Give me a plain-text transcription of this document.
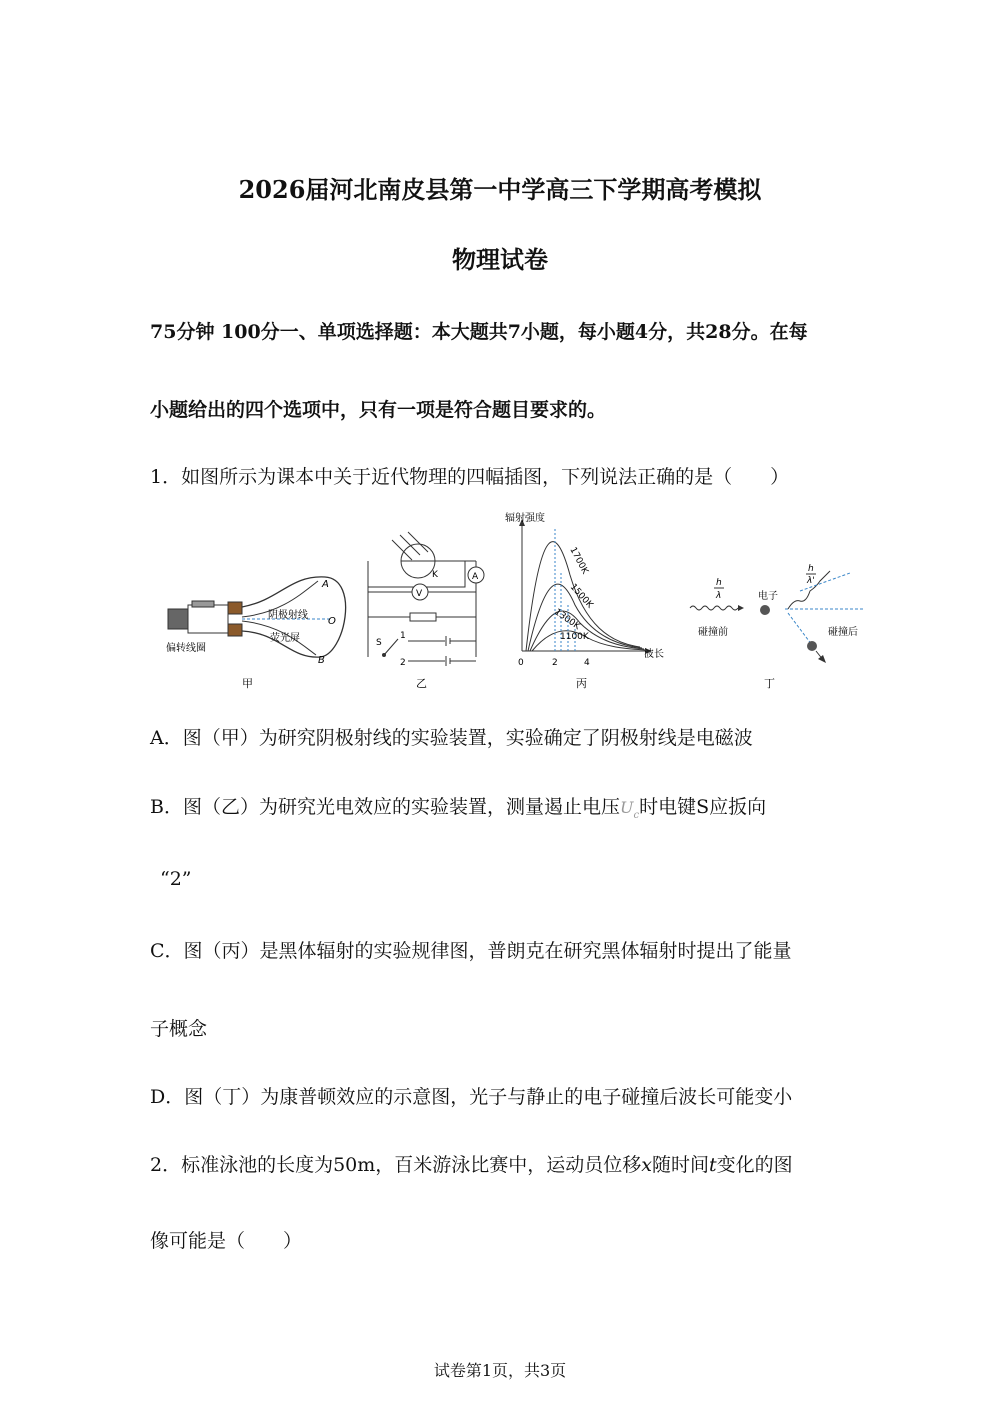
2026届河北南皮县第一中学高三下学期高考模拟
物理试卷
75分钟 100分一、单项选择题：本大题共7小题，每小题4分，共28分。在每
小题给出的四个选项中，只有一项是符合题目要求的。
1．如图所示为课本中关于近代物理的四幅插图，下列说法正确的是（　　）
A
O
B
阴极射线
荧光屏
偏转线圈
甲
K	A
V
S
1
2
乙
辐射强度
波长
0	2	4
1700K
1500K
1300K
1100K
丙
h
λ	电子
碰撞前
h
λ'
碰撞后
丁
A．图（甲）为研究阴极射线的实验装置，实验确定了阴极射线是电磁波
B．图（乙）为研究光电效应的实验装置，测量遏止电压$U_c$时电键S应扳向
“2”
C．图（丙）是黑体辐射的实验规律图，普朗克在研究黑体辐射时提出了能量
子概念
D．图（丁）为康普顿效应的示意图，光子与静止的电子碰撞后波长可能变小
2．标准泳池的长度为50m，百米游泳比赛中，运动员位移x随时间t变化的图
像可能是（　　）
试卷第1页，共3页
